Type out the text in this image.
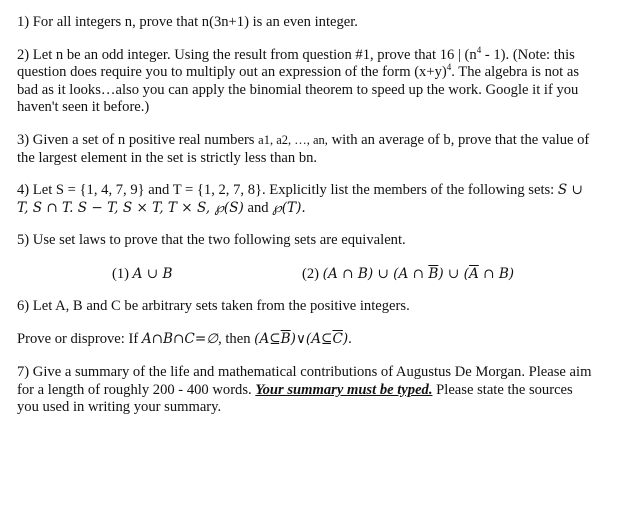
1) For all integers n, prove that n(3n+1) is an even integer.

2) Let n be an odd integer. Using the result from question #1, prove that 16 | $(n^4 - 1)$. (Note: this question does require you to multiply out an expression of the form $(x+y)^4$. The algebra is not as bad as it looks…also you can apply the binomial theorem to speed up the work. Google it if you haven't seen it before.)

3) Given a set of n positive real numbers a1, a2, …, an, with an average of b, prove that the value of the largest element in the set is strictly less than bn.

4) Let S = {1, 4, 7, 9} and T = {1, 2, 7, 8}. Explicitly list the members of the following sets: S ∪ T, S ∩ T. S − T, S × T, T × S, ℘(S) and ℘(T).

5) Use set laws to prove that the two following sets are equivalent.

(1) A ∪ B	(2) (A ∩ B) ∪ (A ∩ $\overline{B}$) ∪ ($\overline{A}$ ∩ B)

6) Let A, B and C be arbitrary sets taken from the positive integers.

Prove or disprove: If A∩B∩C=∅, then $(A⊆\overline{B})\vee(A⊆\overline{C})$.

7) Give a summary of the life and mathematical contributions of Augustus De Morgan. Please aim for a length of roughly 200 - 400 words. Your summary must be typed. Please state the sources you used in writing your summary.
